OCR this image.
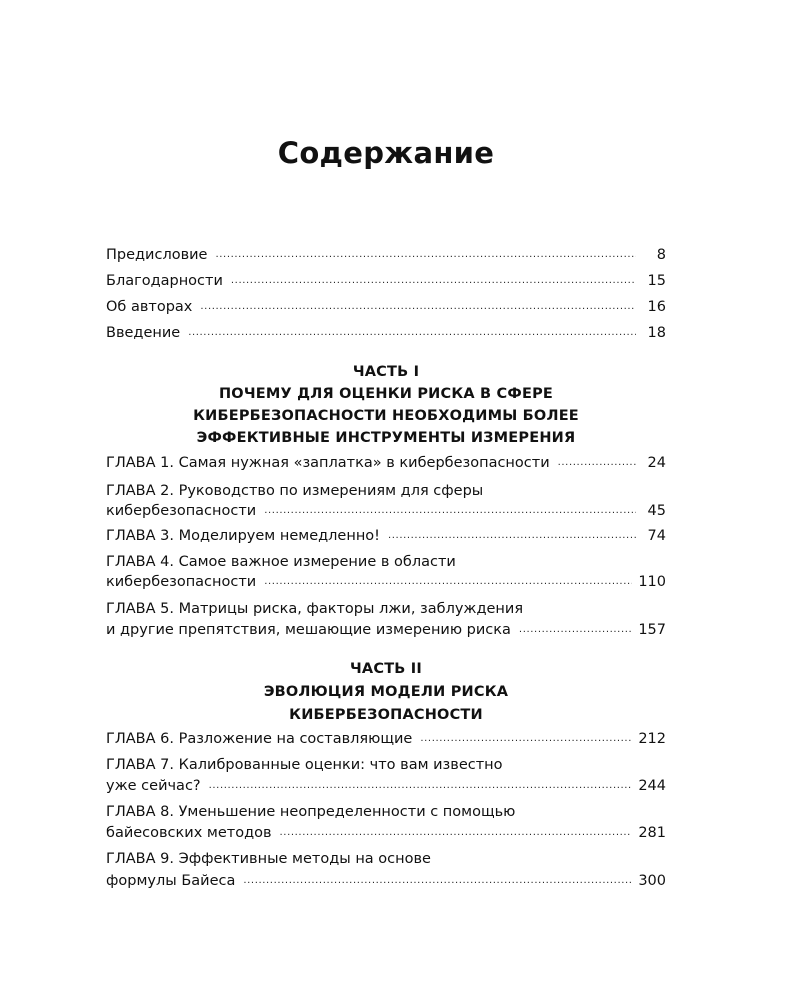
Содержание
Предисловие .....	8
Благодарности .....	15
Об авторах .....	16
Введение .....	18
ЧАСТЬ I
ПОЧЕМУ ДЛЯ ОЦЕНКИ РИСКА В СФЕРЕ
КИБЕРБЕЗОПАСНОСТИ НЕОБХОДИМЫ БОЛЕЕ
ЭФФЕКТИВНЫЕ ИНСТРУМЕНТЫ ИЗМЕРЕНИЯ
ГЛАВА 1. Самая нужная «заплатка» в кибербезопасности .....	24
ГЛАВА 2. Руководство по измерениям для сферы
кибербезопасности .....	45
ГЛАВА 3. Моделируем немедленно! .....	74
ГЛАВА 4. Самое важное измерение в области
кибербезопасности .....	110
ГЛАВА 5. Матрицы риска, факторы лжи, заблуждения
и другие препятствия, мешающие измерению риска .....	157
ЧАСТЬ II
ЭВОЛЮЦИЯ МОДЕЛИ РИСКА
КИБЕРБЕЗОПАСНОСТИ
ГЛАВА 6. Разложение на составляющие .....	212
ГЛАВА 7. Калиброванные оценки: что вам известно
уже сейчас? .....	244
ГЛАВА 8. Уменьшение неопределенности с помощью
байесовских методов .....	281
ГЛАВА 9. Эффективные методы на основе
формулы Байеса .....	300
